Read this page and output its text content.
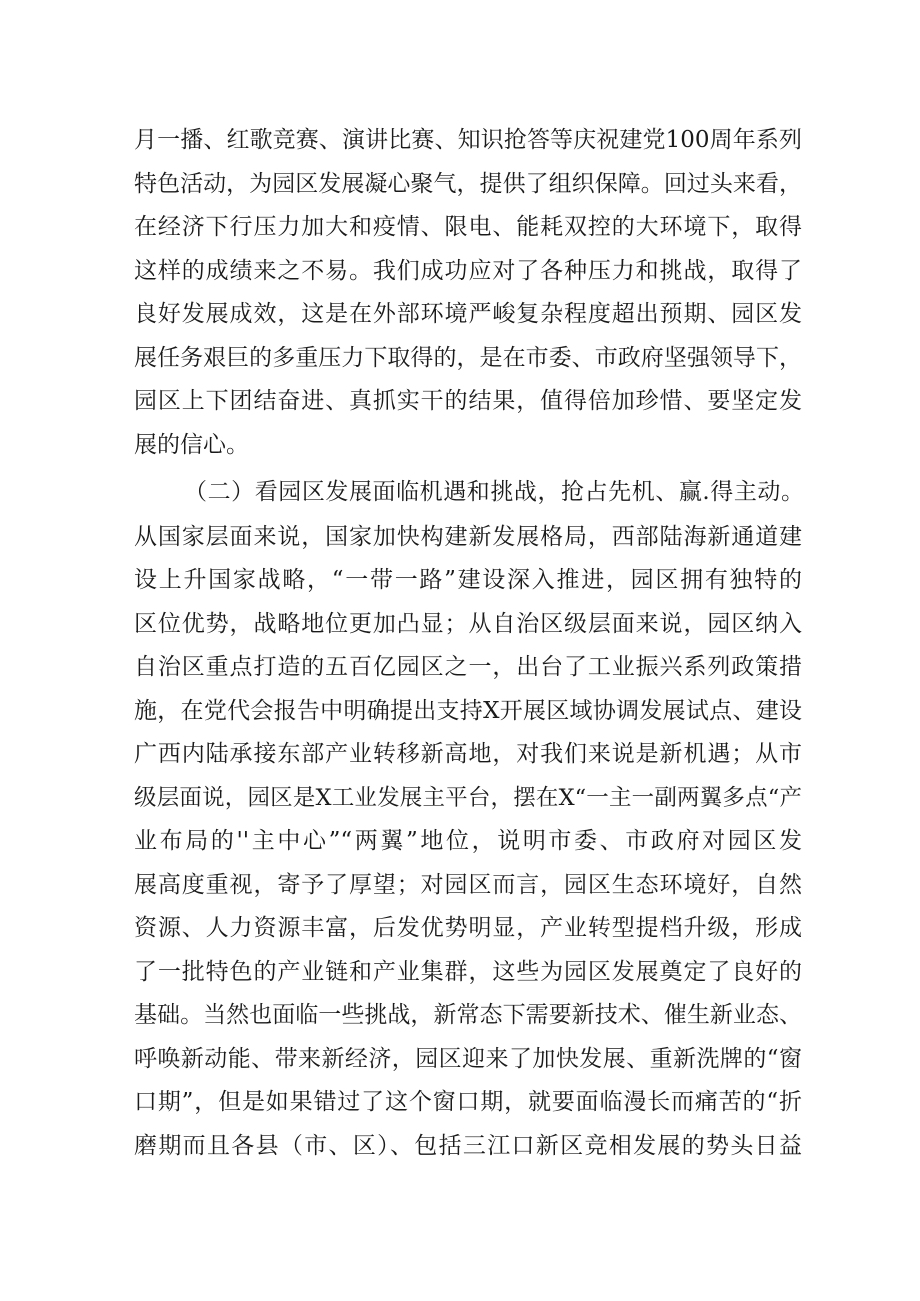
月一播、红歌竞赛、演讲比赛、知识抢答等庆祝建党100周年系列
特色活动，为园区发展凝心聚气，提供了组织保障。回过头来看，
在经济下行压力加大和疫情、限电、能耗双控的大环境下，取得
这样的成绩来之不易。我们成功应对了各种压力和挑战，取得了
良好发展成效，这是在外部环境严峻复杂程度超出预期、园区发
展任务艰巨的多重压力下取得的，是在市委、市政府坚强领导下，
园区上下团结奋进、真抓实干的结果，值得倍加珍惜、要坚定发
展的信心。
（二）看园区发展面临机遇和挑战，抢占先机、赢.得主动。
从国家层面来说，国家加快构建新发展格局，西部陆海新通道建
设上升国家战略，“一带一路”建设深入推进，园区拥有独特的
区位优势，战略地位更加凸显；从自治区级层面来说，园区纳入
自治区重点打造的五百亿园区之一，出台了工业振兴系列政策措
施，在党代会报告中明确提出支持X开展区域协调发展试点、建设
广西内陆承接东部产业转移新高地，对我们来说是新机遇；从市
级层面说，园区是X工业发展主平台，摆在X“一主一副两翼多点“产
业布局的''主中心”“两翼”地位，说明市委、市政府对园区发
展高度重视，寄予了厚望；对园区而言，园区生态环境好，自然
资源、人力资源丰富，后发优势明显，产业转型提档升级，形成
了一批特色的产业链和产业集群，这些为园区发展奠定了良好的
基础。当然也面临一些挑战，新常态下需要新技术、催生新业态、
呼唤新动能、带来新经济，园区迎来了加快发展、重新洗牌的“窗
口期”，但是如果错过了这个窗口期，就要面临漫长而痛苦的“折
磨期而且各县（市、区）、包括三江口新区竞相发展的势头日益
